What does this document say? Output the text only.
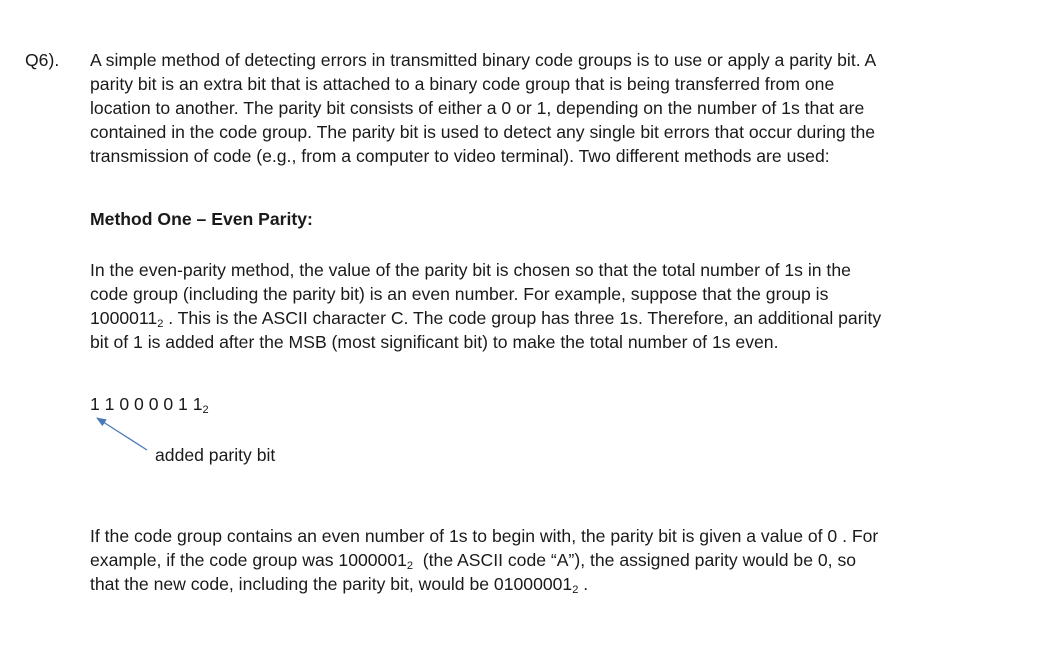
Q6). A simple method of detecting errors in transmitted binary code groups is to use or apply a parity bit. A
parity bit is an extra bit that is attached to a binary code group that is being transferred from one
location to another. The parity bit consists of either a 0 or 1, depending on the number of 1s that are
contained in the code group. The parity bit is used to detect any single bit errors that occur during the
transmission of code (e.g., from a computer to video terminal). Two different methods are used:
Method One – Even Parity:
In the even-parity method, the value of the parity bit is chosen so that the total number of 1s in the
code group (including the parity bit) is an even number. For example, suppose that the group is
$1000011_2$ . This is the ASCII character C. The code group has three 1s. Therefore, an additional parity
bit of 1 is added after the MSB (most significant bit) to make the total number of 1s even.
1 1 0 0 0 0 1 $1_2$
added parity bit
If the code group contains an even number of 1s to begin with, the parity bit is given a value of 0 . For
example, if the code group was $1000001_2$  (the ASCII code “A”), the assigned parity would be 0, so
that the new code, including the parity bit, would be $01000001_2$ .
